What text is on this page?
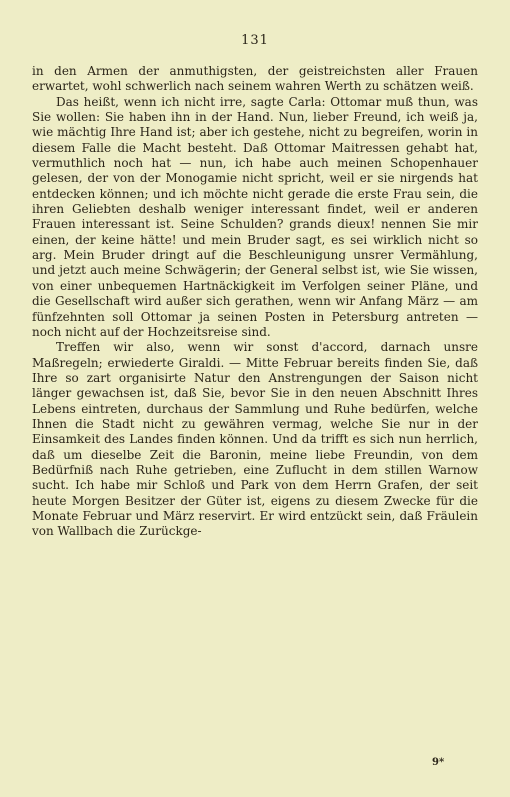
131

in den Armen der anmuthigsten, der geistreichsten aller Frauen erwartet, wohl schwerlich nach seinem wahren Werth zu schätzen weiß.

Das heißt, wenn ich nicht irre, sagte Carla: Ottomar muß thun, was Sie wollen: Sie haben ihn in der Hand. Nun, lieber Freund, ich weiß ja, wie mächtig Ihre Hand ist; aber ich gestehe, nicht zu begreifen, worin in diesem Falle die Macht besteht. Daß Ottomar Maitressen gehabt hat, vermuthlich noch hat — nun, ich habe auch meinen Schopenhauer gelesen, der von der Monogamie nicht spricht, weil er sie nirgends hat entdecken können; und ich möchte nicht gerade die erste Frau sein, die ihren Geliebten deshalb weniger interessant findet, weil er anderen Frauen interessant ist. Seine Schulden? grands dieux! nennen Sie mir einen, der keine hätte! und mein Bruder sagt, es sei wirklich nicht so arg. Mein Bruder dringt auf die Beschleunigung unsrer Vermählung, und jetzt auch meine Schwägerin; der General selbst ist, wie Sie wissen, von einer unbequemen Hartnäckigkeit im Verfolgen seiner Pläne, und die Gesellschaft wird außer sich gerathen, wenn wir Anfang März — am fünfzehnten soll Ottomar ja seinen Posten in Petersburg antreten — noch nicht auf der Hochzeitsreise sind.

Treffen wir also, wenn wir sonst d'accord, darnach unsre Maßregeln; erwiederte Giraldi. — Mitte Februar bereits finden Sie, daß Ihre so zart organisirte Natur den Anstrengungen der Saison nicht länger gewachsen ist, daß Sie, bevor Sie in den neuen Abschnitt Ihres Lebens eintreten, durchaus der Sammlung und Ruhe bedürfen, welche Ihnen die Stadt nicht zu gewähren vermag, welche Sie nur in der Einsamkeit des Landes finden können. Und da trifft es sich nun herrlich, daß um dieselbe Zeit die Baronin, meine liebe Freundin, von dem Bedürfniß nach Ruhe getrieben, eine Zuflucht in dem stillen Warnow sucht. Ich habe mir Schloß und Park von dem Herrn Grafen, der seit heute Morgen Besitzer der Güter ist, eigens zu diesem Zwecke für die Monate Februar und März reservirt. Er wird entzückt sein, daß Fräulein von Wallbach die Zurückge-

9*
